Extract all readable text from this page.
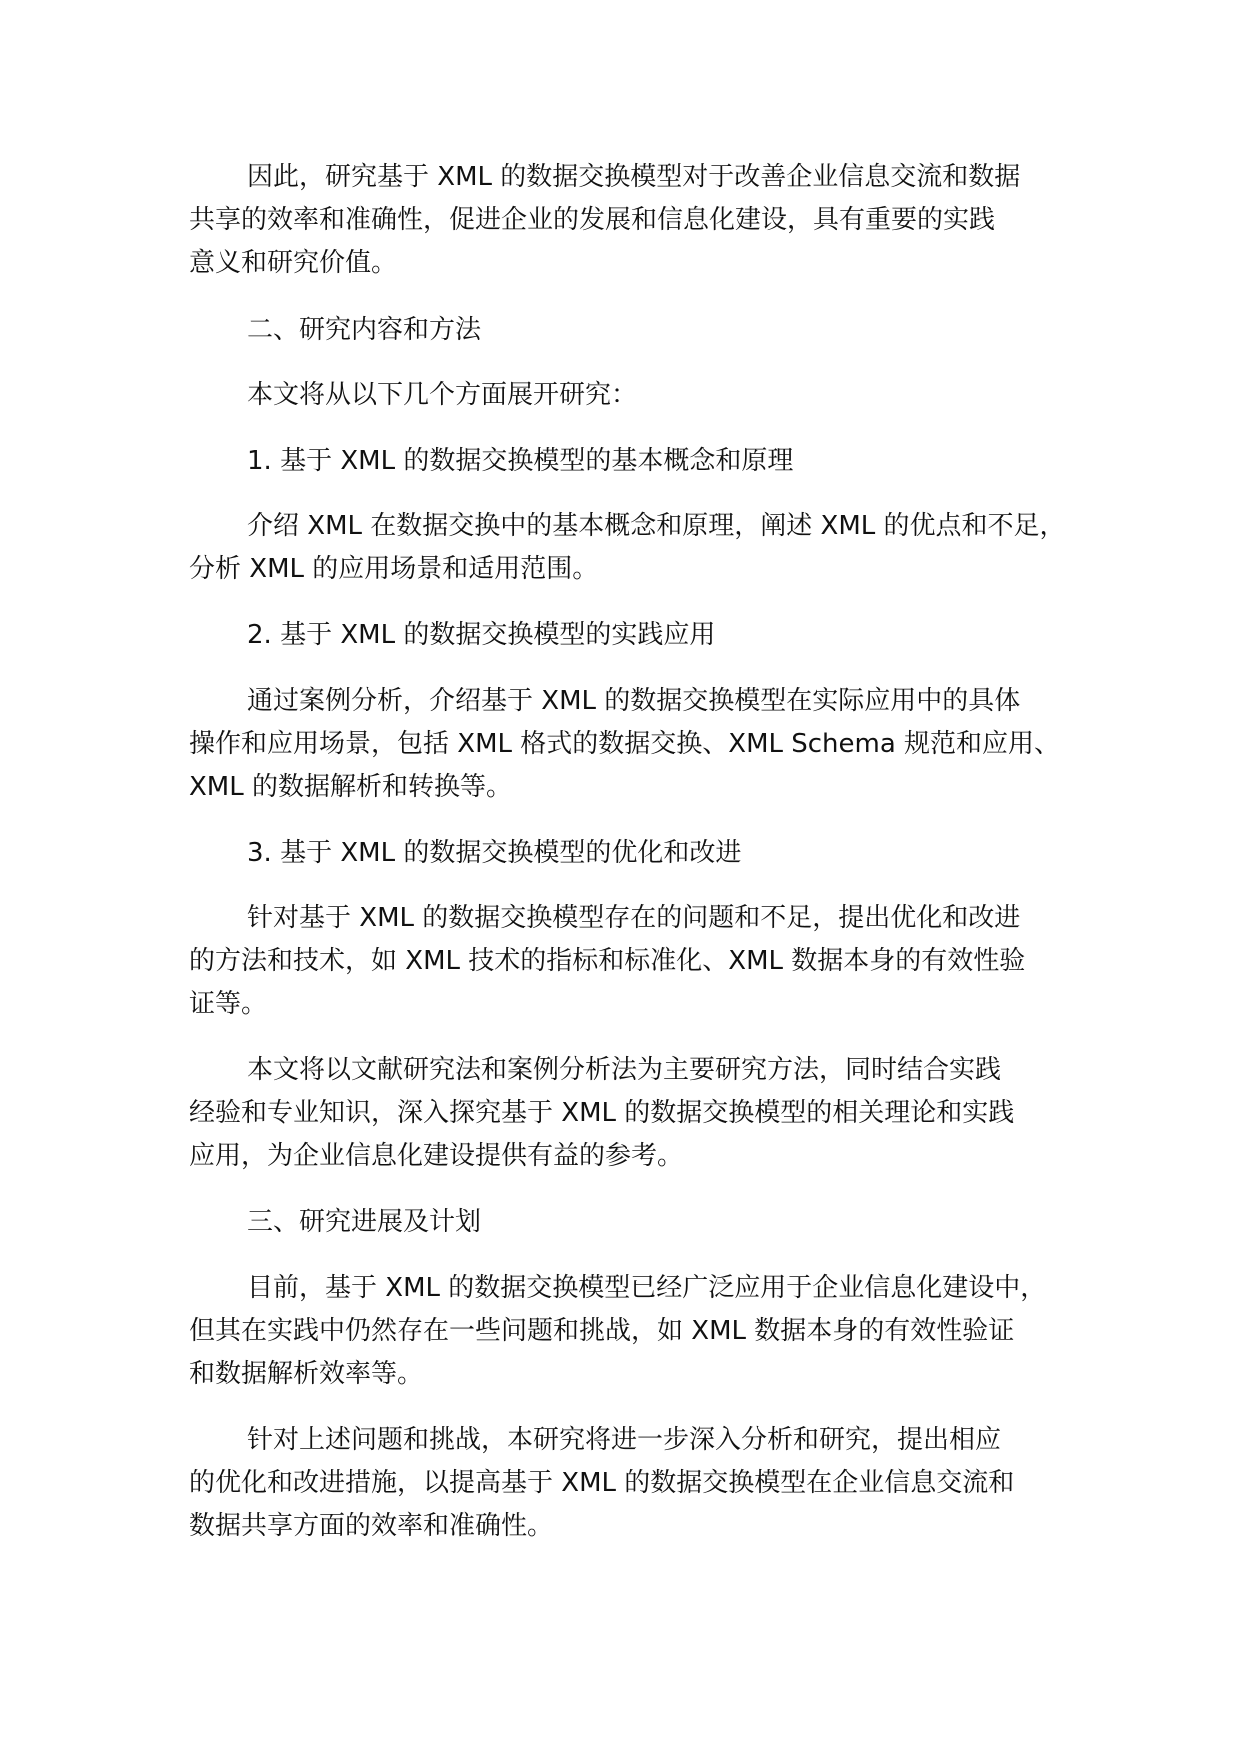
因此，研究基于 XML 的数据交换模型对于改善企业信息交流和数据

共享的效率和准确性，促进企业的发展和信息化建设，具有重要的实践

意义和研究价值。

二、研究内容和方法

本文将从以下几个方面展开研究：

1. 基于 XML 的数据交换模型的基本概念和原理

介绍 XML 在数据交换中的基本概念和原理，阐述 XML 的优点和不足，

分析 XML 的应用场景和适用范围。

2. 基于 XML 的数据交换模型的实践应用

通过案例分析，介绍基于 XML 的数据交换模型在实际应用中的具体

操作和应用场景，包括 XML 格式的数据交换、XML Schema 规范和应用、

XML 的数据解析和转换等。

3. 基于 XML 的数据交换模型的优化和改进

针对基于 XML 的数据交换模型存在的问题和不足，提出优化和改进

的方法和技术，如 XML 技术的指标和标准化、XML 数据本身的有效性验

证等。

本文将以文献研究法和案例分析法为主要研究方法，同时结合实践

经验和专业知识，深入探究基于 XML 的数据交换模型的相关理论和实践

应用，为企业信息化建设提供有益的参考。

三、研究进展及计划

目前，基于 XML 的数据交换模型已经广泛应用于企业信息化建设中，

但其在实践中仍然存在一些问题和挑战，如 XML 数据本身的有效性验证

和数据解析效率等。

针对上述问题和挑战，本研究将进一步深入分析和研究，提出相应

的优化和改进措施，以提高基于 XML 的数据交换模型在企业信息交流和

数据共享方面的效率和准确性。
